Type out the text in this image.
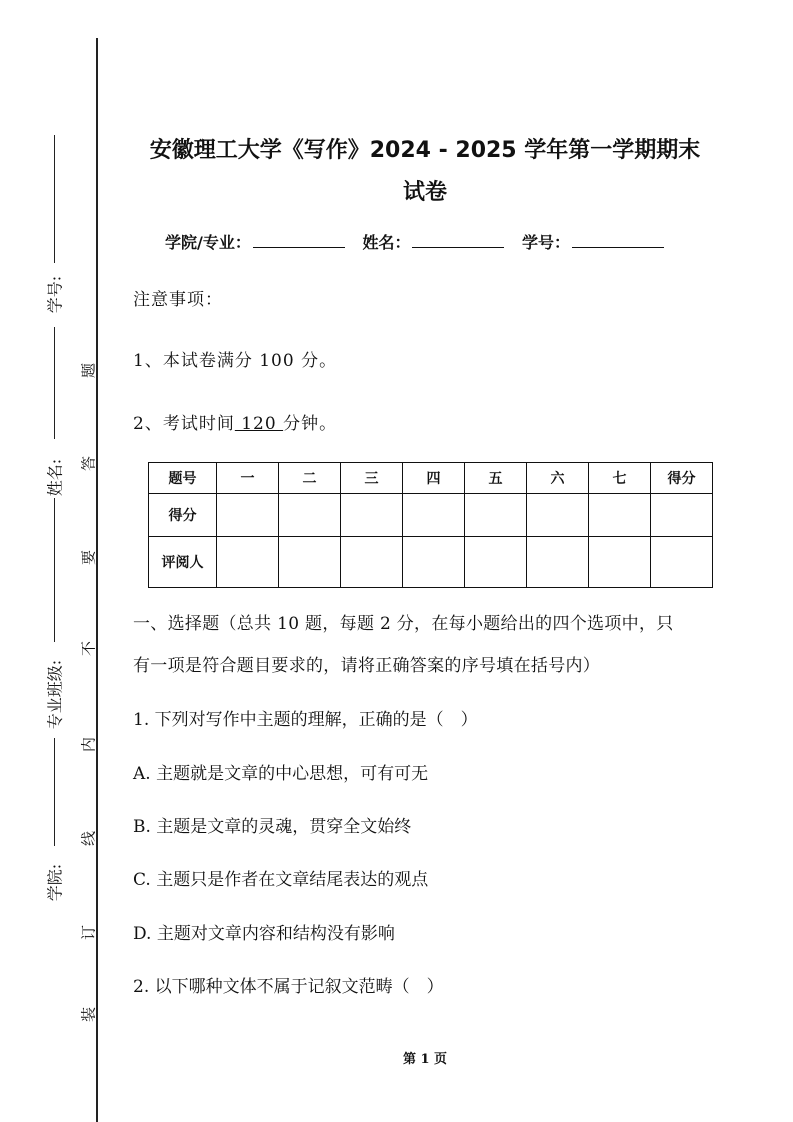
学号:
姓名:
专业班级:
学院:
题
答
要
不
内
线
订
装
安徽理工大学《写作》2024 - 2025 学年第一学期期末
试卷
学院/专业：	姓名：	学号：
注意事项：
1、本试卷满分 100 分。
2、考试时间 120 分钟。
题号	一	二	三	四	五	六	七	得分
得分								
评阅人								
一、选择题（总共 10 题，每题 2 分，在每小题给出的四个选项中，只
有一项是符合题目要求的，请将正确答案的序号填在括号内）
1. 下列对写作中主题的理解，正确的是（　）
A. 主题就是文章的中心思想，可有可无
B. 主题是文章的灵魂，贯穿全文始终
C. 主题只是作者在文章结尾表达的观点
D. 主题对文章内容和结构没有影响
2. 以下哪种文体不属于记叙文范畴（　）
第 1 页
